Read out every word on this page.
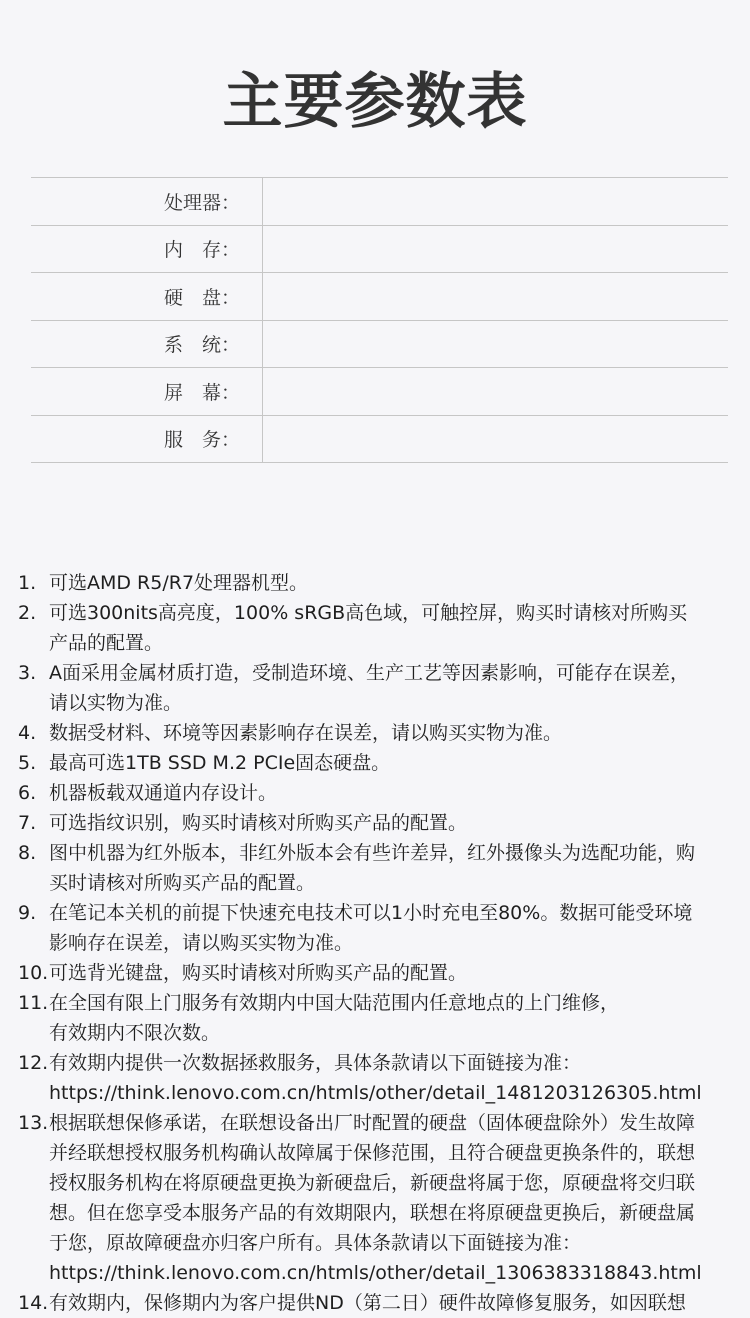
主要参数表
处理器：
内　存：
硬　盘：
系　统：
屏　幕：
服　务：
1. 可选AMD R5/R7处理器机型。
2. 可选300nits高亮度，100% sRGB高色域，可触控屏，购买时请核对所购买
产品的配置。
3. A面采用金属材质打造，受制造环境、生产工艺等因素影响，可能存在误差，
请以实物为准。
4. 数据受材料、环境等因素影响存在误差，请以购买实物为准。
5. 最高可选1TB SSD M.2 PCIe固态硬盘。
6. 机器板载双通道内存设计。
7. 可选指纹识别，购买时请核对所购买产品的配置。
8. 图中机器为红外版本，非红外版本会有些许差异，红外摄像头为选配功能，购
买时请核对所购买产品的配置。
9. 在笔记本关机的前提下快速充电技术可以1小时充电至80%。数据可能受环境
影响存在误差，请以购买实物为准。
10. 可选背光键盘，购买时请核对所购买产品的配置。
11. 在全国有限上门服务有效期内中国大陆范围内任意地点的上门维修，
有效期内不限次数。
12. 有效期内提供一次数据拯救服务，具体条款请以下面链接为准：
https://think.lenovo.com.cn/htmls/other/detail_1481203126305.html
13. 根据联想保修承诺，在联想设备出厂时配置的硬盘（固体硬盘除外）发生故障
并经联想授权服务机构确认故障属于保修范围，且符合硬盘更换条件的，联想
授权服务机构在将原硬盘更换为新硬盘后，新硬盘将属于您，原硬盘将交归联
想。但在您享受本服务产品的有效期限内，联想在将原硬盘更换后，新硬盘属
于您，原故障硬盘亦归客户所有。具体条款请以下面链接为准：
https://think.lenovo.com.cn/htmls/other/detail_1306383318843.html
14. 有效期内，保修期内为客户提供ND（第二日）硬件故障修复服务，如因联想
